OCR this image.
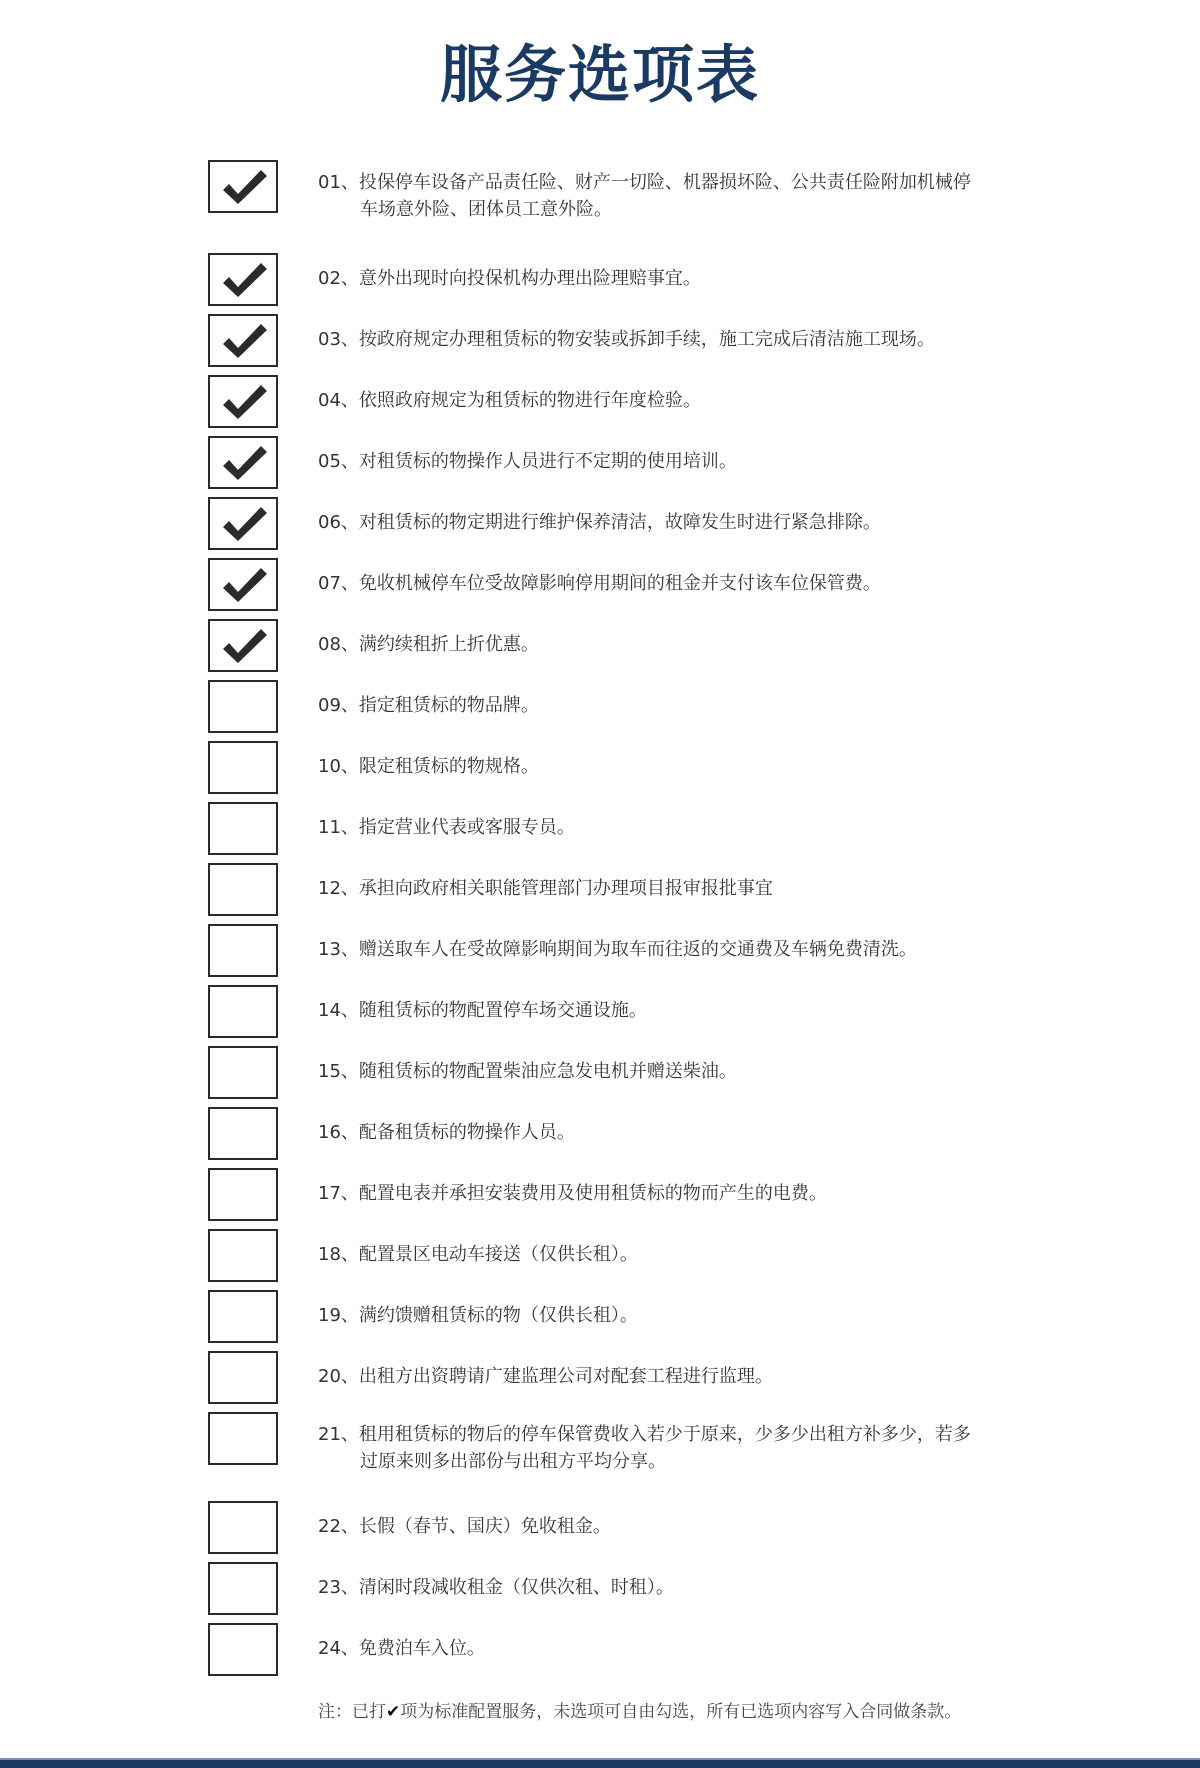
服务选项表
01、投保停车设备产品责任险、财产一切险、机器损坏险、公共责任险附加机械停
车场意外险、团体员工意外险。
02、意外出现时向投保机构办理出险理赔事宜。
03、按政府规定办理租赁标的物安装或拆卸手续，施工完成后清洁施工现场。
04、依照政府规定为租赁标的物进行年度检验。
05、对租赁标的物操作人员进行不定期的使用培训。
06、对租赁标的物定期进行维护保养清洁，故障发生时进行紧急排除。
07、免收机械停车位受故障影响停用期间的租金并支付该车位保管费。
08、满约续租折上折优惠。
09、指定租赁标的物品牌。
10、限定租赁标的物规格。
11、指定营业代表或客服专员。
12、承担向政府相关职能管理部门办理项目报审报批事宜
13、赠送取车人在受故障影响期间为取车而往返的交通费及车辆免费清洗。
14、随租赁标的物配置停车场交通设施。
15、随租赁标的物配置柴油应急发电机并赠送柴油。
16、配备租赁标的物操作人员。
17、配置电表并承担安装费用及使用租赁标的物而产生的电费。
18、配置景区电动车接送（仅供长租）。
19、满约馈赠租赁标的物（仅供长租）。
20、出租方出资聘请广建监理公司对配套工程进行监理。
21、租用租赁标的物后的停车保管费收入若少于原来，少多少出租方补多少，若多
过原来则多出部份与出租方平均分享。
22、长假（春节、国庆）免收租金。
23、清闲时段减收租金（仅供次租、时租）。
24、免费泊车入位。
注：已打✔项为标准配置服务，未选项可自由勾选，所有已选项内容写入合同做条款。
